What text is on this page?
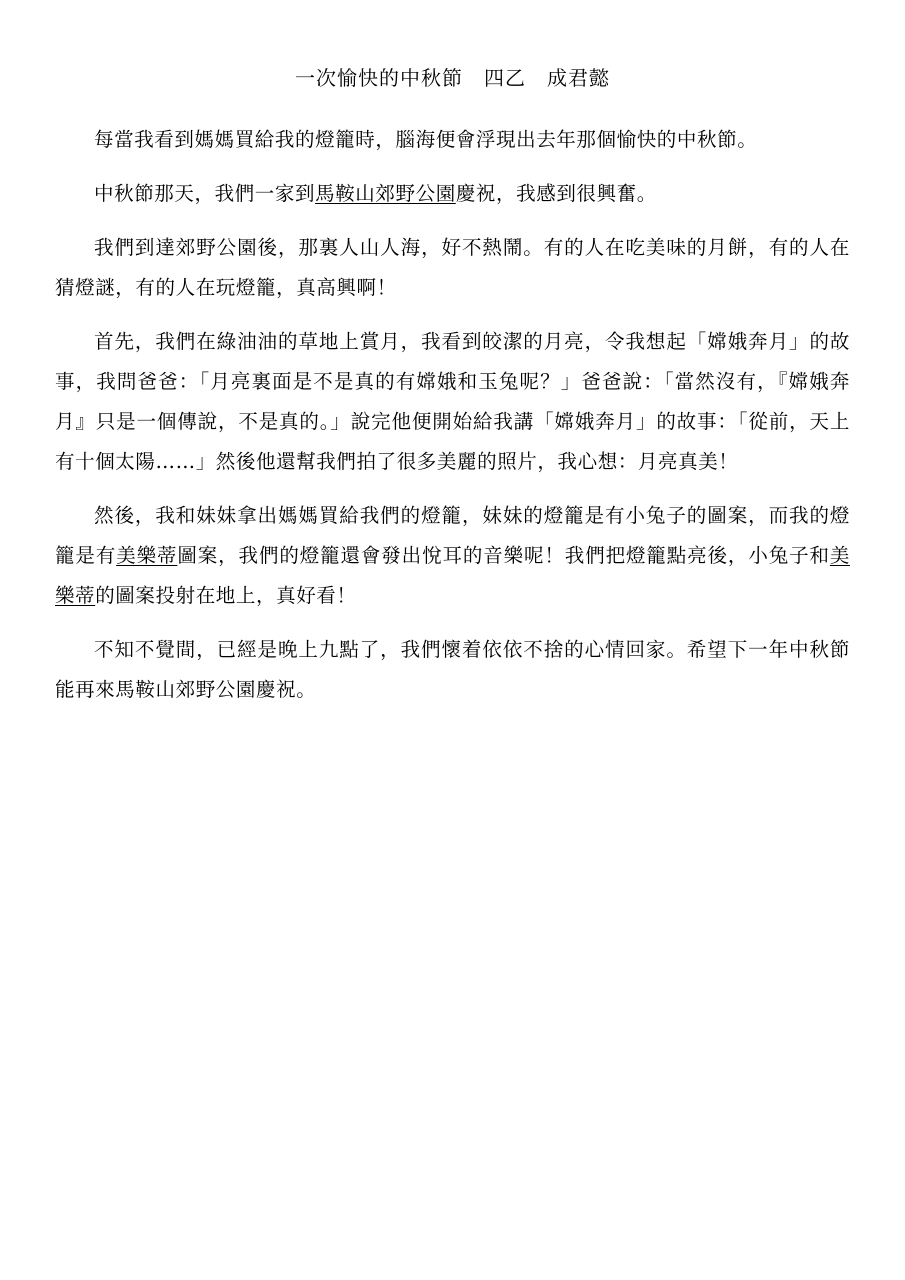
一次愉快的中秋節　四乙　成君懿

每當我看到媽媽買給我的燈籠時，腦海便會浮現出去年那個愉快的中秋節。

中秋節那天，我們一家到馬鞍山郊野公園慶祝，我感到很興奮。

我們到達郊野公園後，那裏人山人海，好不熱鬧。有的人在吃美味的月餅，有的人在猜燈謎，有的人在玩燈籠，真高興啊！

首先，我們在綠油油的草地上賞月，我看到皎潔的月亮，令我想起「嫦娥奔月」的故事，我問爸爸：「月亮裏面是不是真的有嫦娥和玉兔呢？」爸爸說：「當然沒有，『嫦娥奔月』只是一個傳說，不是真的。」說完他便開始給我講「嫦娥奔月」的故事：「從前，天上有十個太陽……」然後他還幫我們拍了很多美麗的照片，我心想：月亮真美！

然後，我和妹妹拿出媽媽買給我們的燈籠，妹妹的燈籠是有小兔子的圖案，而我的燈籠是有美樂蒂圖案，我們的燈籠還會發出悅耳的音樂呢！我們把燈籠點亮後，小兔子和美樂蒂的圖案投射在地上，真好看！

不知不覺間，已經是晚上九點了，我們懷着依依不捨的心情回家。希望下一年中秋節能再來馬鞍山郊野公園慶祝。
